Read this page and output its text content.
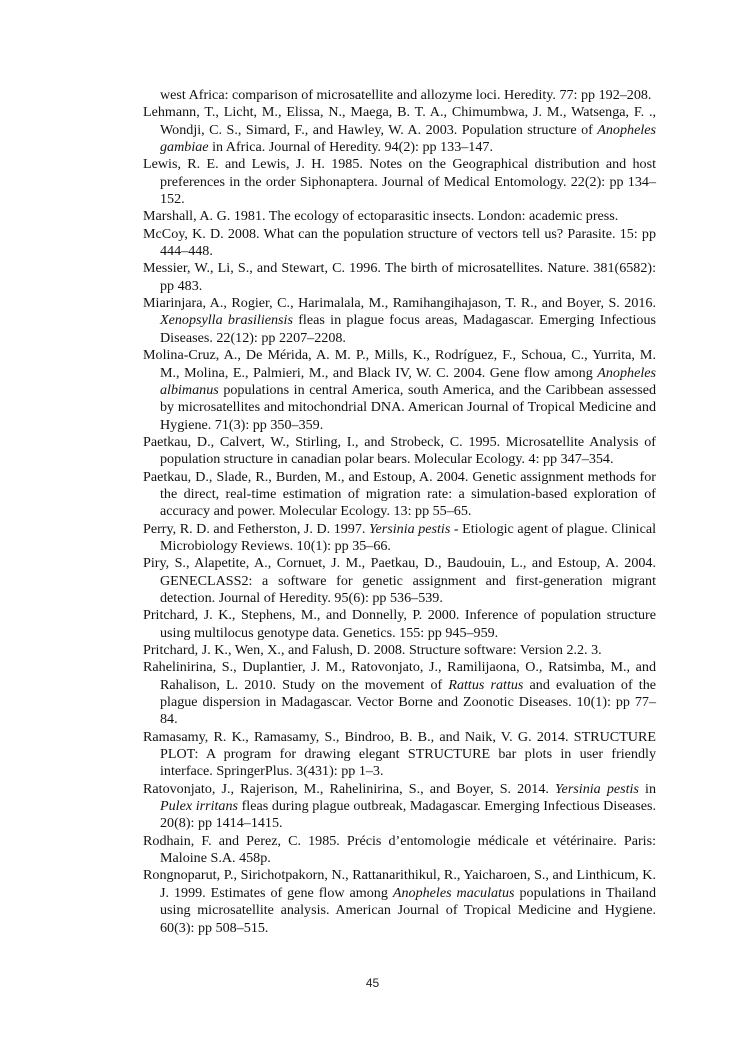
west Africa: comparison of microsatellite and allozyme loci. Heredity. 77: pp 192–208.

Lehmann, T., Licht, M., Elissa, N., Maega, B. T. A., Chimumbwa, J. M., Watsenga, F. ., Wondji, C. S., Simard, F., and Hawley, W. A. 2003. Population structure of Anopheles gambiae in Africa. Journal of Heredity. 94(2): pp 133–147.

Lewis, R. E. and Lewis, J. H. 1985. Notes on the Geographical distribution and host preferences in the order Siphonaptera. Journal of Medical Entomology. 22(2): pp 134–152.

Marshall, A. G. 1981. The ecology of ectoparasitic insects. London: academic press.

McCoy, K. D. 2008. What can the population structure of vectors tell us? Parasite. 15: pp 444–448.

Messier, W., Li, S., and Stewart, C. 1996. The birth of microsatellites. Nature. 381(6582): pp 483.

Miarinjara, A., Rogier, C., Harimalala, M., Ramihangihajason, T. R., and Boyer, S. 2016. Xenopsylla brasiliensis fleas in plague focus areas, Madagascar. Emerging Infectious Diseases. 22(12): pp 2207–2208.

Molina-Cruz, A., De Mérida, A. M. P., Mills, K., Rodríguez, F., Schoua, C., Yurrita, M. M., Molina, E., Palmieri, M., and Black IV, W. C. 2004. Gene flow among Anopheles albimanus populations in central America, south America, and the Caribbean assessed by microsatellites and mitochondrial DNA. American Journal of Tropical Medicine and Hygiene. 71(3): pp 350–359.

Paetkau, D., Calvert, W., Stirling, I., and Strobeck, C. 1995. Microsatellite Analysis of population structure in canadian polar bears. Molecular Ecology. 4: pp 347–354.

Paetkau, D., Slade, R., Burden, M., and Estoup, A. 2004. Genetic assignment methods for the direct, real-time estimation of migration rate: a simulation-based exploration of accuracy and power. Molecular Ecology. 13: pp 55–65.

Perry, R. D. and Fetherston, J. D. 1997. Yersinia pestis - Etiologic agent of plague. Clinical Microbiology Reviews. 10(1): pp 35–66.

Piry, S., Alapetite, A., Cornuet, J. M., Paetkau, D., Baudouin, L., and Estoup, A. 2004. GENECLASS2: a software for genetic assignment and first-generation migrant detection. Journal of Heredity. 95(6): pp 536–539.

Pritchard, J. K., Stephens, M., and Donnelly, P. 2000. Inference of population structure using multilocus genotype data. Genetics. 155: pp 945–959.

Pritchard, J. K., Wen, X., and Falush, D. 2008. Structure software: Version 2.2. 3.

Rahelinirina, S., Duplantier, J. M., Ratovonjato, J., Ramilijaona, O., Ratsimba, M., and Rahalison, L. 2010. Study on the movement of Rattus rattus and evaluation of the plague dispersion in Madagascar. Vector Borne and Zoonotic Diseases. 10(1): pp 77–84.

Ramasamy, R. K., Ramasamy, S., Bindroo, B. B., and Naik, V. G. 2014. STRUCTURE PLOT: A program for drawing elegant STRUCTURE bar plots in user friendly interface. SpringerPlus. 3(431): pp 1–3.

Ratovonjato, J., Rajerison, M., Rahelinirina, S., and Boyer, S. 2014. Yersinia pestis in Pulex irritans fleas during plague outbreak, Madagascar. Emerging Infectious Diseases. 20(8): pp 1414–1415.

Rodhain, F. and Perez, C. 1985. Précis d’entomologie médicale et vétérinaire. Paris: Maloine S.A. 458p.

Rongnoparut, P., Sirichotpakorn, N., Rattanarithikul, R., Yaicharoen, S., and Linthicum, K. J. 1999. Estimates of gene flow among Anopheles maculatus populations in Thailand using microsatellite analysis. American Journal of Tropical Medicine and Hygiene. 60(3): pp 508–515.

45
